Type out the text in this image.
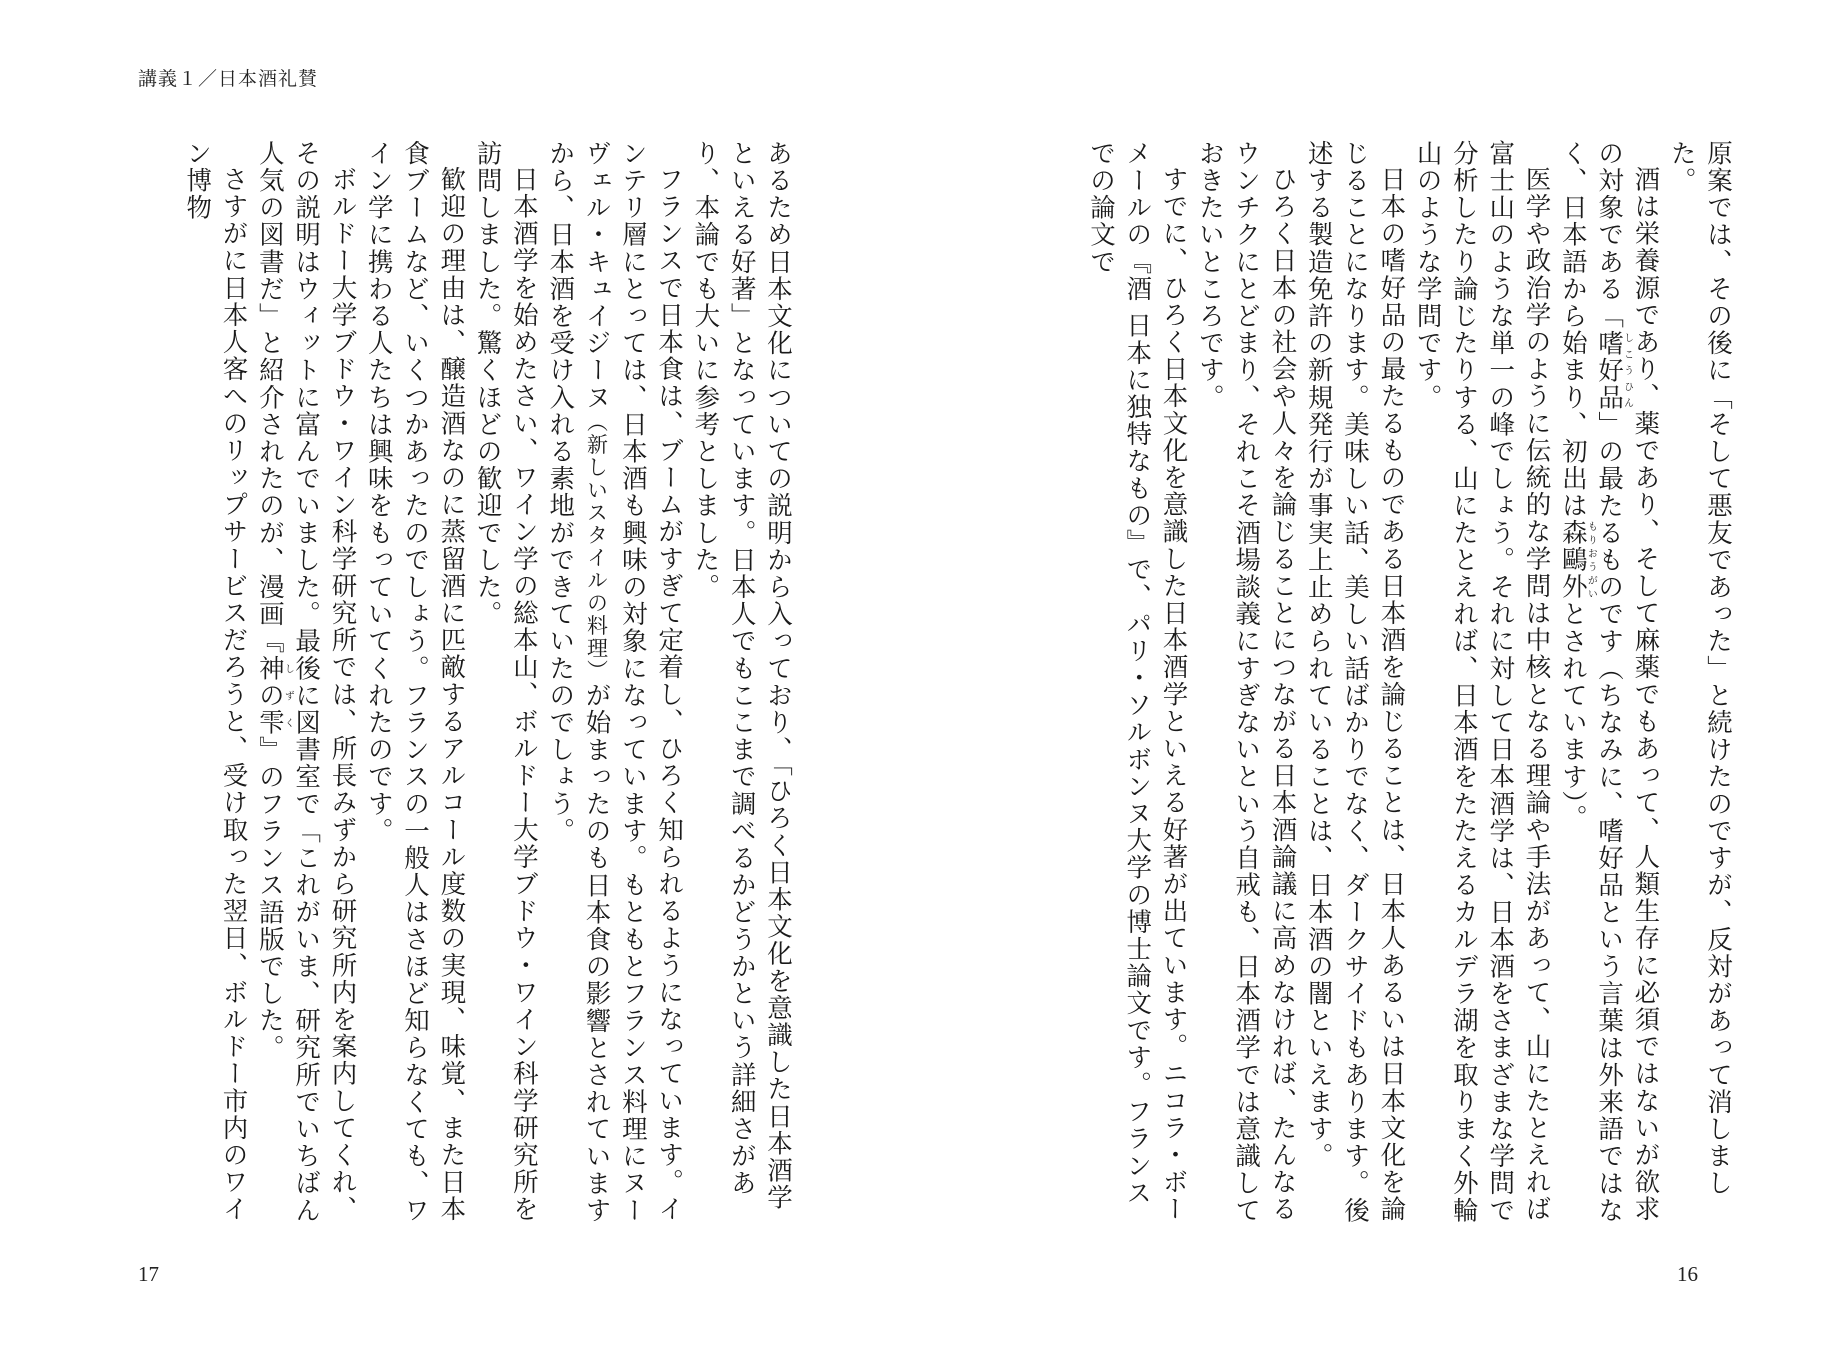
講義１／日本酒礼賛

原案では、その後に「そして悪友であった」と続けたのですが、反対があって消しました。

酒は栄養源であり、薬であり、そして麻薬でもあって、人類生存に必須ではないが欲求の対象である「嗜好品しこうひん」の最たるものです（ちなみに、嗜好品という言葉は外来語ではなく、日本語から始まり、初出は森鷗外もりおうがいとされています）。

医学や政治学のように伝統的な学問は中核となる理論や手法があって、山にたとえれば富士山のような単一の峰でしょう。それに対して日本酒学は、日本酒をさまざまな学問で分析したり論じたりする、山にたとえれば、日本酒をたたえるカルデラ湖を取りまく外輪山のような学問です。

日本の嗜好品の最たるものである日本酒を論じることは、日本人あるいは日本文化を論じることになります。美味しい話、美しい話ばかりでなく、ダークサイドもあります。後述する製造免許の新規発行が事実上止められていることは、日本酒の闇といえます。

ひろく日本の社会や人々を論じることにつながる日本酒論議に高めなければ、たんなるウンチクにとどまり、それこそ酒場談義にすぎないという自戒も、日本酒学では意識しておきたいところです。

すでに、ひろく日本文化を意識した日本酒学といえる好著が出ています。ニコラ・ボーメールの『酒 日本に独特なもの』で、パリ・ソルボンヌ大学の博士論文です。フランスでの論文で

あるため日本文化についての説明から入っており、「ひろく日本文化を意識した日本酒学といえる好著」となっています。日本人でもここまで調べるかどうかという詳細さがあり、本論でも大いに参考としました。

フランスで日本食は、ブームがすぎて定着し、ひろく知られるようになっています。インテリ層にとっては、日本酒も興味の対象になっています。もともとフランス料理にヌーヴェル・キュイジーヌ（新しいスタイルの料理）が始まったのも日本食の影響とされていますから、日本酒を受け入れる素地ができていたのでしょう。

日本酒学を始めたさい、ワイン学の総本山、ボルドー大学ブドウ・ワイン科学研究所を訪問しました。驚くほどの歓迎でした。

歓迎の理由は、醸造酒なのに蒸留酒に匹敵するアルコール度数の実現、味覚、また日本食ブームなど、いくつかあったのでしょう。フランスの一般人はさほど知らなくても、ワイン学に携わる人たちは興味をもっていてくれたのです。

ボルドー大学ブドウ・ワイン科学研究所では、所長みずから研究所内を案内してくれ、その説明はウィットに富んでいました。最後に図書室で「これがいま、研究所でいちばん人気の図書だ」と紹介されたのが、漫画『神の雫しずく』のフランス語版でした。

さすがに日本人客へのリップサービスだろうと、受け取った翌日、ボルドー市内のワイン博物

17	16
